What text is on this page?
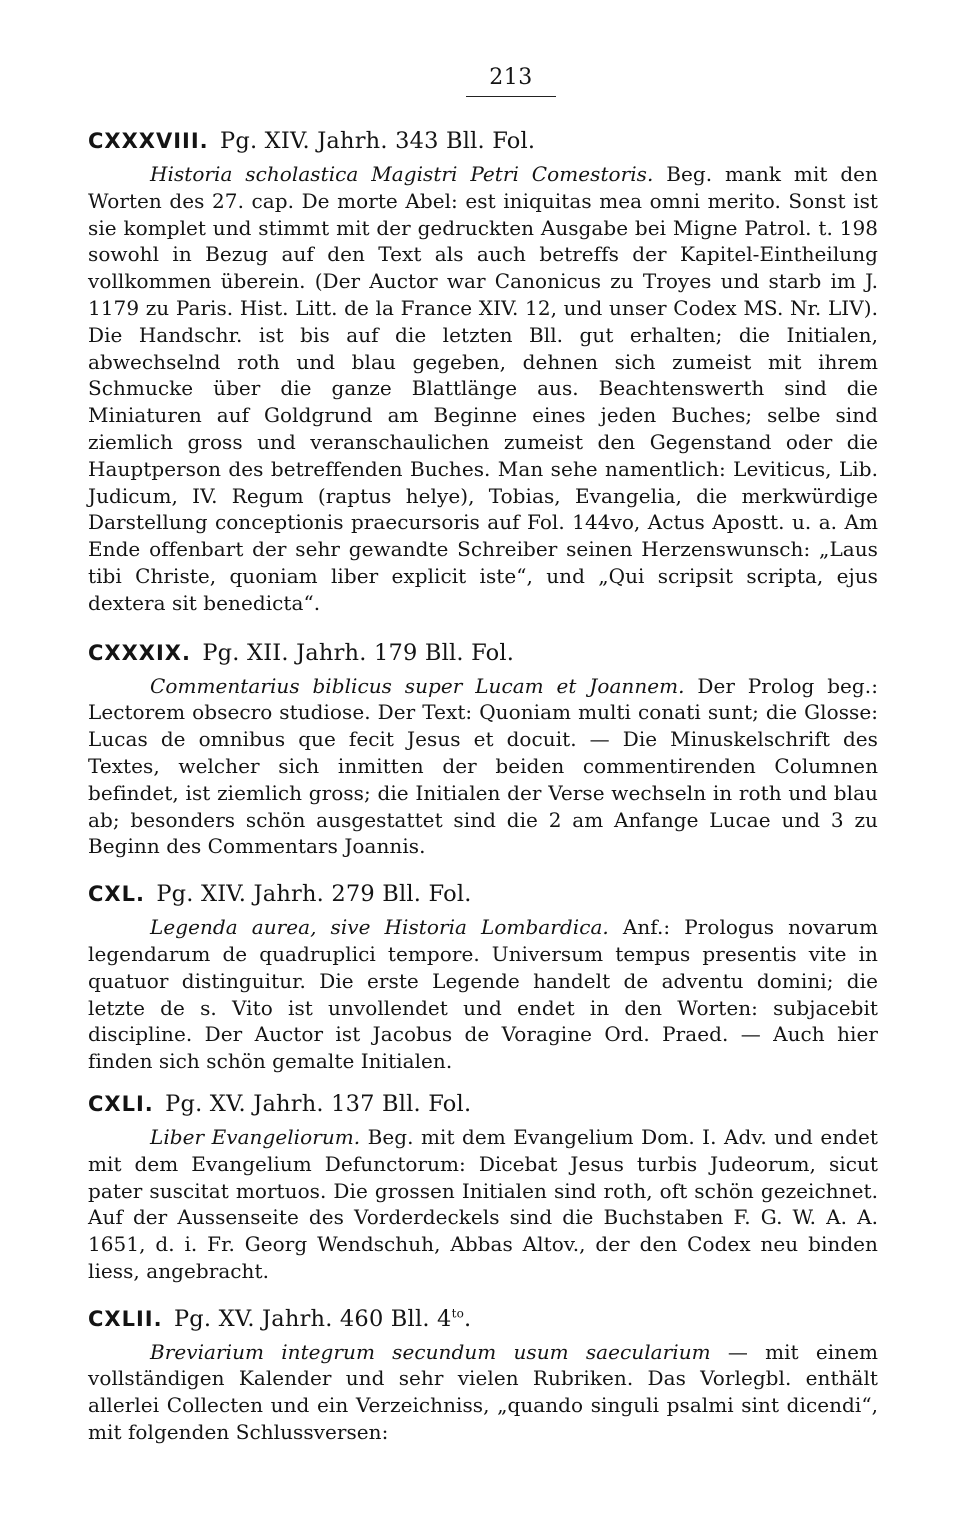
213

CXXXVIII. Pg. XIV. Jahrh. 343 Bll. Fol.

Historia scholastica Magistri Petri Comestoris. Beg. mank mit den Worten des 27. cap. De morte Abel: est iniquitas mea omni merito. Sonst ist sie komplet und stimmt mit der gedruckten Ausgabe bei Migne Patrol. t. 198 sowohl in Bezug auf den Text als auch betreffs der Kapitel-Eintheilung vollkommen überein. (Der Auctor war Canonicus zu Troyes und starb im J. 1179 zu Paris. Hist. Litt. de la France XIV. 12, und unser Codex MS. Nr. LIV). Die Handschr. ist bis auf die letzten Bll. gut erhalten; die Initialen, abwechselnd roth und blau gegeben, dehnen sich zumeist mit ihrem Schmucke über die ganze Blattlänge aus. Beachtenswerth sind die Miniaturen auf Goldgrund am Beginne eines jeden Buches; selbe sind ziemlich gross und veranschaulichen zumeist den Gegenstand oder die Hauptperson des betreffenden Buches. Man sehe namentlich: Leviticus, Lib. Judicum, IV. Regum (raptus helye), Tobias, Evangelia, die merkwürdige Darstellung conceptionis praecursoris auf Fol. 144vo, Actus Apostt. u. a. Am Ende offenbart der sehr gewandte Schreiber seinen Herzenswunsch: „Laus tibi Christe, quoniam liber explicit iste“, und „Qui scripsit scripta, ejus dextera sit benedicta“.

CXXXIX. Pg. XII. Jahrh. 179 Bll. Fol.

Commentarius biblicus super Lucam et Joannem. Der Prolog beg.: Lectorem obsecro studiose. Der Text: Quoniam multi conati sunt; die Glosse: Lucas de omnibus que fecit Jesus et docuit. — Die Minuskelschrift des Textes, welcher sich inmitten der beiden commentirenden Columnen befindet, ist ziemlich gross; die Initialen der Verse wechseln in roth und blau ab; besonders schön ausgestattet sind die 2 am Anfange Lucae und 3 zu Beginn des Commentars Joannis.

CXL. Pg. XIV. Jahrh. 279 Bll. Fol.

Legenda aurea, sive Historia Lombardica. Anf.: Prologus novarum legendarum de quadruplici tempore. Universum tempus presentis vite in quatuor distinguitur. Die erste Legende handelt de adventu domini; die letzte de s. Vito ist unvollendet und endet in den Worten: subjacebit discipline. Der Auctor ist Jacobus de Voragine Ord. Praed. — Auch hier finden sich schön gemalte Initialen.

CXLI. Pg. XV. Jahrh. 137 Bll. Fol.

Liber Evangeliorum. Beg. mit dem Evangelium Dom. I. Adv. und endet mit dem Evangelium Defunctorum: Dicebat Jesus turbis Judeorum, sicut pater suscitat mortuos. Die grossen Initialen sind roth, oft schön gezeichnet. Auf der Aussenseite des Vorderdeckels sind die Buchstaben F. G. W. A. A. 1651, d. i. Fr. Georg Wendschuh, Abbas Altov., der den Codex neu binden liess, angebracht.

CXLII. Pg. XV. Jahrh. 460 Bll. $4^{to}$.

Breviarium integrum secundum usum saecularium — mit einem vollständigen Kalender und sehr vielen Rubriken. Das Vorlegbl. enthält allerlei Collecten und ein Verzeichniss, „quando singuli psalmi sint dicendi“, mit folgenden Schlussversen:
